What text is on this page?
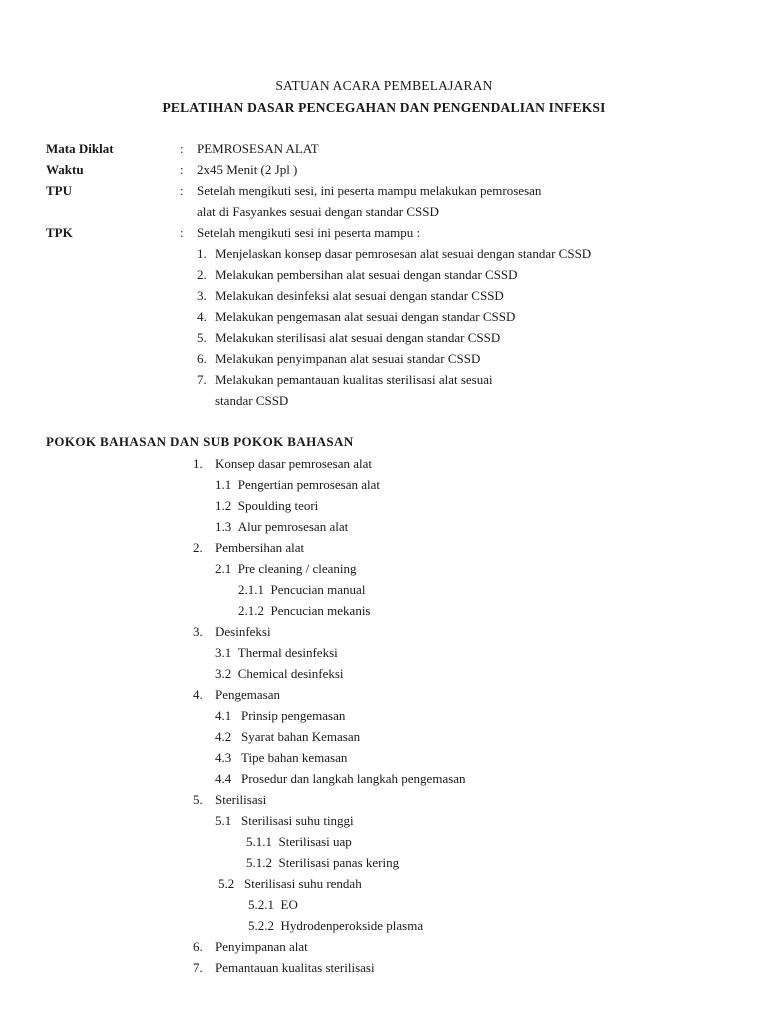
SATUAN ACARA PEMBELAJARAN
PELATIHAN DASAR PENCEGAHAN DAN PENGENDALIAN INFEKSI
Mata Diklat	: PEMROSESAN ALAT
Waktu	: 2x45 Menit (2 Jpl )
TPU	: Setelah mengikuti sesi, ini peserta mampu melakukan pemrosesan
alat di Fasyankes sesuai dengan standar CSSD
TPK	: Setelah mengikuti sesi ini peserta mampu :
1. Menjelaskan konsep dasar pemrosesan alat sesuai dengan standar CSSD
2. Melakukan pembersihan alat sesuai dengan standar CSSD
3. Melakukan desinfeksi alat sesuai dengan standar CSSD
4. Melakukan pengemasan alat sesuai dengan standar CSSD
5. Melakukan sterilisasi alat sesuai dengan standar CSSD
6. Melakukan penyimpanan alat sesuai standar CSSD
7. Melakukan pemantauan kualitas sterilisasi alat sesuai
standar CSSD
POKOK BAHASAN DAN SUB POKOK BAHASAN
1. Konsep dasar pemrosesan alat
1.1 Pengertian pemrosesan alat
1.2 Spoulding teori
1.3 Alur pemrosesan alat
2. Pembersihan alat
2.1 Pre cleaning / cleaning
2.1.1 Pencucian manual
2.1.2 Pencucian mekanis
3. Desinfeksi
3.1 Thermal desinfeksi
3.2 Chemical desinfeksi
4. Pengemasan
4.1 Prinsip pengemasan
4.2 Syarat bahan Kemasan
4.3 Tipe bahan kemasan
4.4 Prosedur dan langkah langkah pengemasan
5. Sterilisasi
5.1 Sterilisasi suhu tinggi
5.1.1 Sterilisasi uap
5.1.2 Sterilisasi panas kering
5.2 Sterilisasi suhu rendah
5.2.1 EO
5.2.2 Hydrodenperokside plasma
6. Penyimpanan alat
7. Pemantauan kualitas sterilisasi
